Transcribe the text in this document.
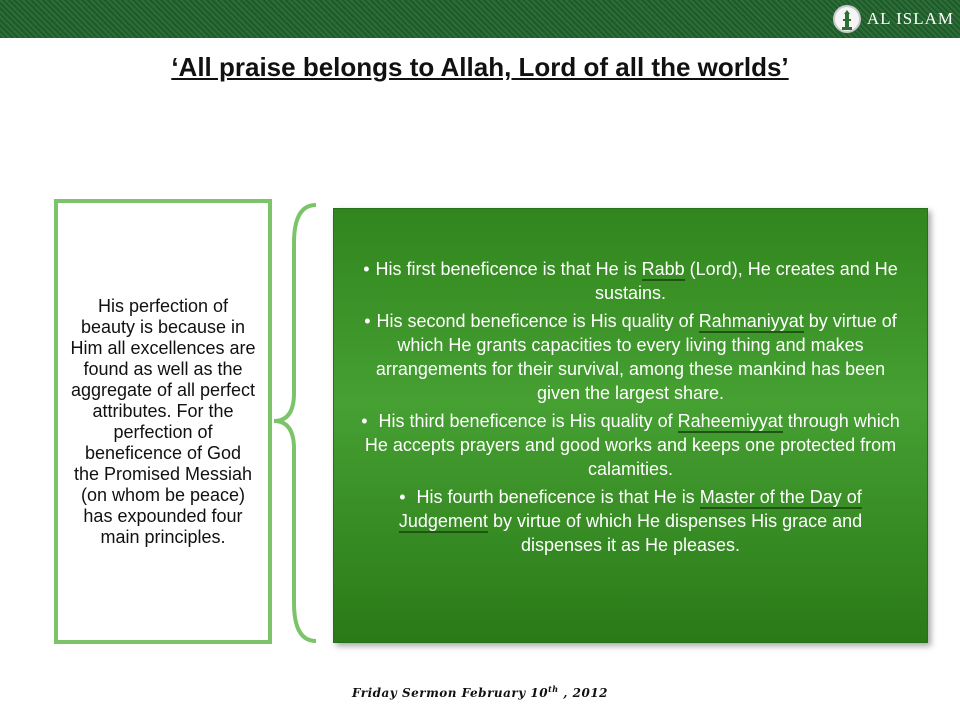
AL ISLAM
‘All praise belongs to Allah, Lord of all the worlds’

His perfection of beauty is because in Him all excellences are found as well as the aggregate of all perfect attributes. For the perfection of beneficence of God the Promised Messiah (on whom be peace) has expounded four main principles.

• His first beneficence is that He is Rabb (Lord), He creates and He sustains.
• His second beneficence is His quality of Rahmaniyyat by virtue of which He grants capacities to every living thing and makes arrangements for their survival, among these mankind has been given the largest share.
• His third beneficence is His quality of Raheemiyyat through which He accepts prayers and good works and keeps one protected from calamities.
• His fourth beneficence is that He is Master of the Day of Judgement by virtue of which He dispenses His grace and dispenses it as He pleases.
Friday Sermon February 10th , 2012
